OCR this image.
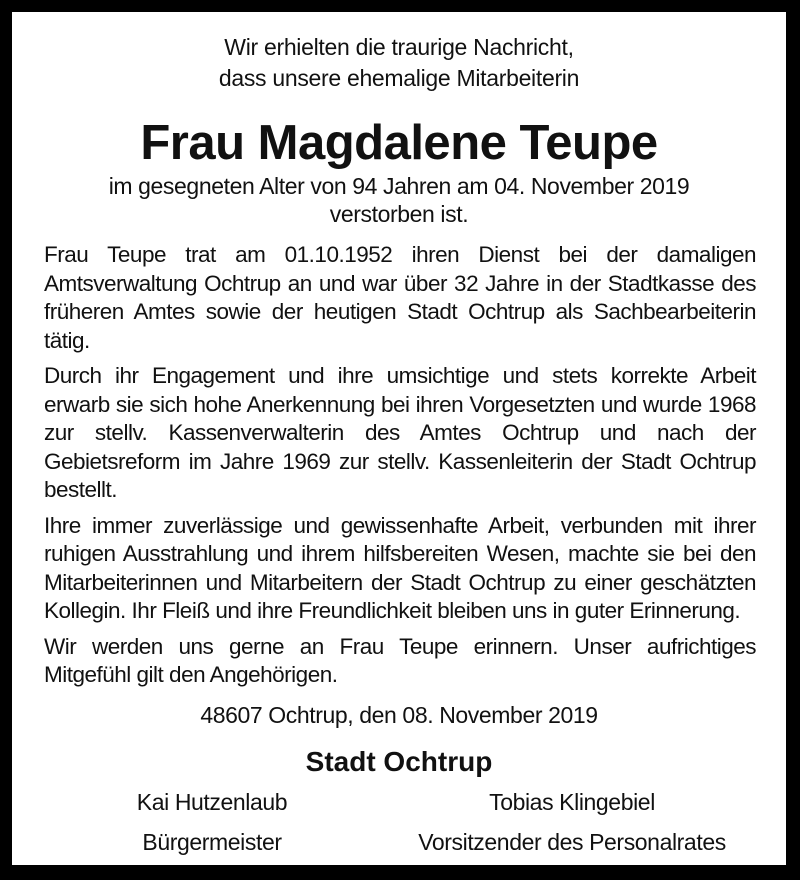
Wir erhielten die traurige Nachricht,
dass unsere ehemalige Mitarbeiterin
Frau Magdalene Teupe
im gesegneten Alter von 94 Jahren am 04. November 2019
verstorben ist.

Frau Teupe trat am 01.10.1952 ihren Dienst bei der damaligen Amtsverwaltung Ochtrup an und war über 32 Jahre in der Stadtkasse des früheren Amtes sowie der heutigen Stadt Ochtrup als Sachbearbeiterin tätig.

Durch ihr Engagement und ihre umsichtige und stets korrekte Arbeit erwarb sie sich hohe Anerkennung bei ihren Vorgesetzten und wurde 1968 zur stellv. Kassenverwalterin des Amtes Ochtrup und nach der Gebietsreform im Jahre 1969 zur stellv. Kassenleiterin der Stadt Ochtrup bestellt.

Ihre immer zuverlässige und gewissenhafte Arbeit, verbunden mit ihrer ruhigen Ausstrahlung und ihrem hilfsbereiten Wesen, machte sie bei den Mitarbeiterinnen und Mitarbeitern der Stadt Ochtrup zu einer geschätzten Kollegin. Ihr Fleiß und ihre Freundlichkeit bleiben uns in guter Erinnerung.

Wir werden uns gerne an Frau Teupe erinnern. Unser aufrichtiges Mitgefühl gilt den Angehörigen.

48607 Ochtrup, den 08. November 2019
Stadt Ochtrup
Kai Hutzenlaub
Bürgermeister
Tobias Klingebiel
Vorsitzender des Personalrates
